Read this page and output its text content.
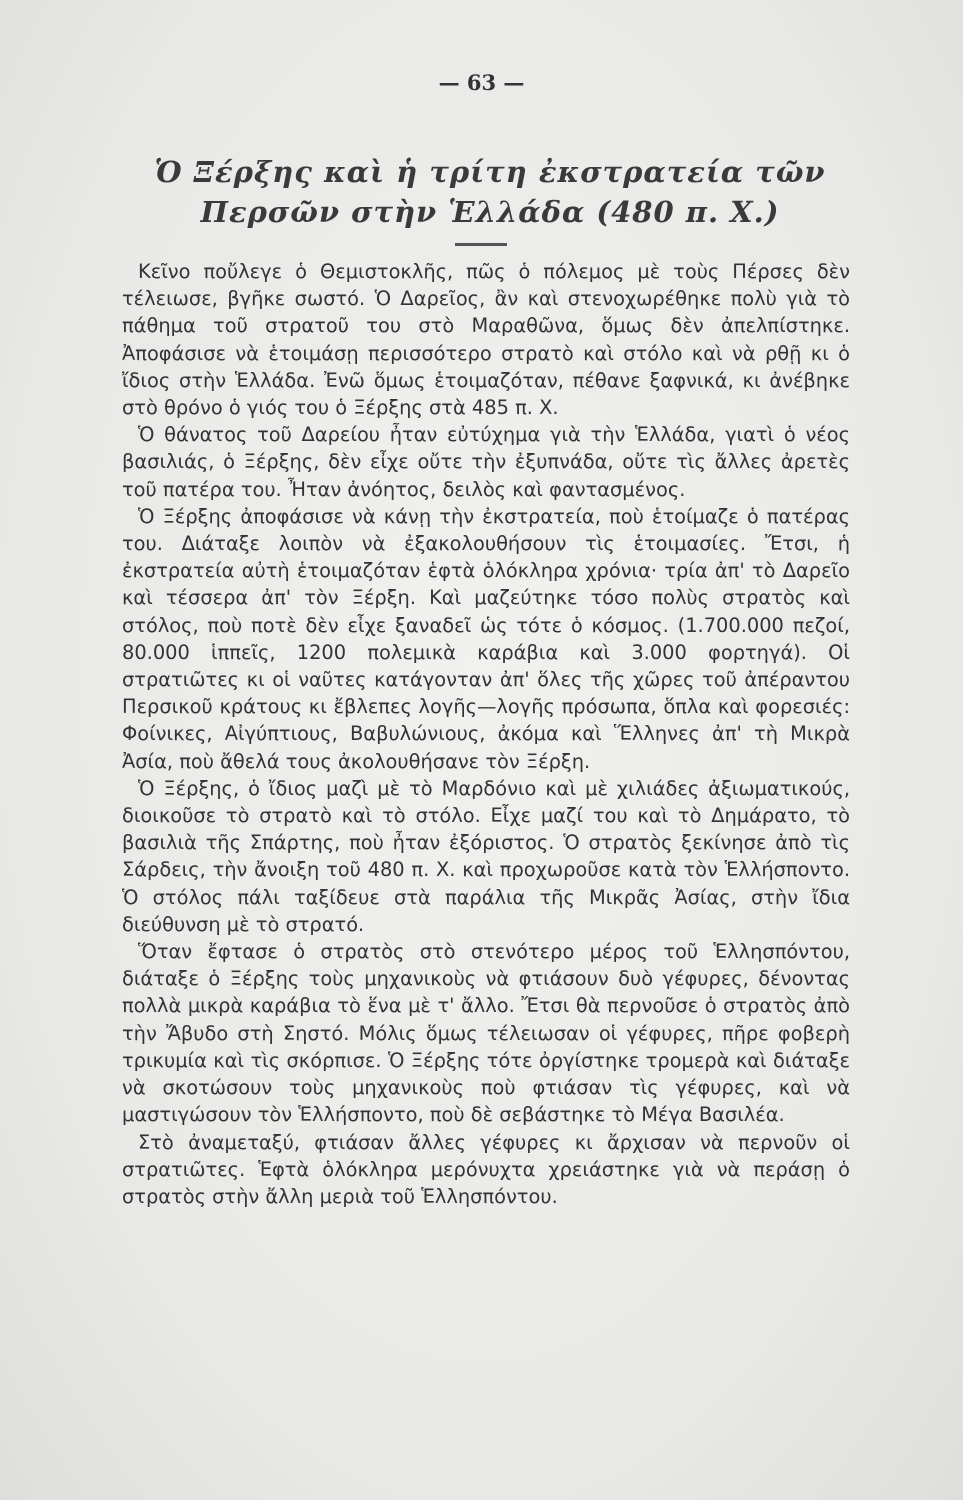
— 63 —
Ὁ Ξέρξης καὶ ἡ τρίτη ἐκστρατεία τῶν Περσῶν στὴν Ἑλλάδα (480 π. Χ.)

Κεῖνο ποὔλεγε ὁ Θεμιστοκλῆς, πῶς ὁ πόλεμος μὲ τοὺς Πέρσες δὲν τέλειωσε, βγῆκε σωστό. Ὁ Δαρεῖος, ἂν καὶ στενοχωρέθηκε πολὺ γιὰ τὸ πάθημα τοῦ στρατοῦ του στὸ Μαραθῶνα, ὅμως δὲν ἀπελπίστηκε. Ἀποφάσισε νὰ ἑτοιμάσῃ περισσότερο στρατὸ καὶ στόλο καὶ νὰ ρθῇ κι ὁ ἴδιος στὴν Ἑλλάδα. Ἐνῶ ὅμως ἑτοιμαζόταν, πέθανε ξαφνικά, κι ἀνέβηκε στὸ θρόνο ὁ γιός του ὁ Ξέρξης στὰ 485 π. Χ.

Ὁ θάνατος τοῦ Δαρείου ἦταν εὐτύχημα γιὰ τὴν Ἑλλάδα, γιατὶ ὁ νέος βασιλιάς, ὁ Ξέρξης, δὲν εἶχε οὔτε τὴν ἐξυπνάδα, οὔτε τὶς ἄλλες ἀρετὲς τοῦ πατέρα του. Ἦταν ἀνόητος, δειλὸς καὶ φαντασμένος.

Ὁ Ξέρξης ἀποφάσισε νὰ κάνῃ τὴν ἐκστρατεία, ποὺ ἑτοίμαζε ὁ πατέρας του. Διάταξε λοιπὸν νὰ ἐξακολουθήσουν τὶς ἑτοιμασίες. Ἔτσι, ἡ ἐκστρατεία αὐτὴ ἑτοιμαζόταν ἑφτὰ ὁλόκληρα χρόνια· τρία ἀπ' τὸ Δαρεῖο καὶ τέσσερα ἀπ' τὸν Ξέρξη. Καὶ μαζεύτηκε τόσο πολὺς στρατὸς καὶ στόλος, ποὺ ποτὲ δὲν εἶχε ξαναδεῖ ὡς τότε ὁ κόσμος. (1.700.000 πεζοί, 80.000 ἱππεῖς, 1200 πολεμικὰ καράβια καὶ 3.000 φορτηγά). Οἱ στρατιῶτες κι οἱ ναῦτες κατάγονταν ἀπ' ὅλες τῆς χῶρες τοῦ ἀπέραντου Περσικοῦ κράτους κι ἔβλεπες λογῆς—λογῆς πρόσωπα, ὅπλα καὶ φορεσιές: Φοίνικες, Αἰγύπτιους, Βαβυλώνιους, ἀκόμα καὶ Ἕλληνες ἀπ' τὴ Μικρὰ Ἀσία, ποὺ ἄθελά τους ἀκολουθήσανε τὸν Ξέρξη.

Ὁ Ξέρξης, ὁ ἴδιος μαζὶ μὲ τὸ Μαρδόνιο καὶ μὲ χιλιάδες ἀξιωματικούς, διοικοῦσε τὸ στρατὸ καὶ τὸ στόλο. Εἶχε μαζί του καὶ τὸ Δημάρατο, τὸ βασιλιὰ τῆς Σπάρτης, ποὺ ἦταν ἐξόριστος. Ὁ στρατὸς ξεκίνησε ἀπὸ τὶς Σάρδεις, τὴν ἄνοιξη τοῦ 480 π. Χ. καὶ προχωροῦσε κατὰ τὸν Ἑλλήσποντο. Ὁ στόλος πάλι ταξίδευε στὰ παράλια τῆς Μικρᾶς Ἀσίας, στὴν ἴδια διεύθυνση μὲ τὸ στρατό.

Ὅταν ἔφτασε ὁ στρατὸς στὸ στενότερο μέρος τοῦ Ἑλλησπόντου, διάταξε ὁ Ξέρξης τοὺς μηχανικοὺς νὰ φτιάσουν δυὸ γέφυρες, δένοντας πολλὰ μικρὰ καράβια τὸ ἕνα μὲ τ' ἄλλο. Ἔτσι θὰ περνοῦσε ὁ στρατὸς ἀπὸ τὴν Ἄβυδο στὴ Σηστό. Μόλις ὅμως τέλειωσαν οἱ γέφυρες, πῆρε φοβερὴ τρικυμία καὶ τὶς σκόρπισε. Ὁ Ξέρξης τότε ὀργίστηκε τρομερὰ καὶ διάταξε νὰ σκοτώσουν τοὺς μηχανικοὺς ποὺ φτιάσαν τὶς γέφυρες, καὶ νὰ μαστιγώσουν τὸν Ἑλλήσποντο, ποὺ δὲ σεβάστηκε τὸ Μέγα Βασιλέα.

Στὸ ἀναμεταξύ, φτιάσαν ἄλλες γέφυρες κι ἄρχισαν νὰ περνοῦν οἱ στρατιῶτες. Ἑφτὰ ὁλόκληρα μερόνυχτα χρειάστηκε γιὰ νὰ περάσῃ ὁ στρατὸς στὴν ἄλλη μεριὰ τοῦ Ἑλλησπόντου.
